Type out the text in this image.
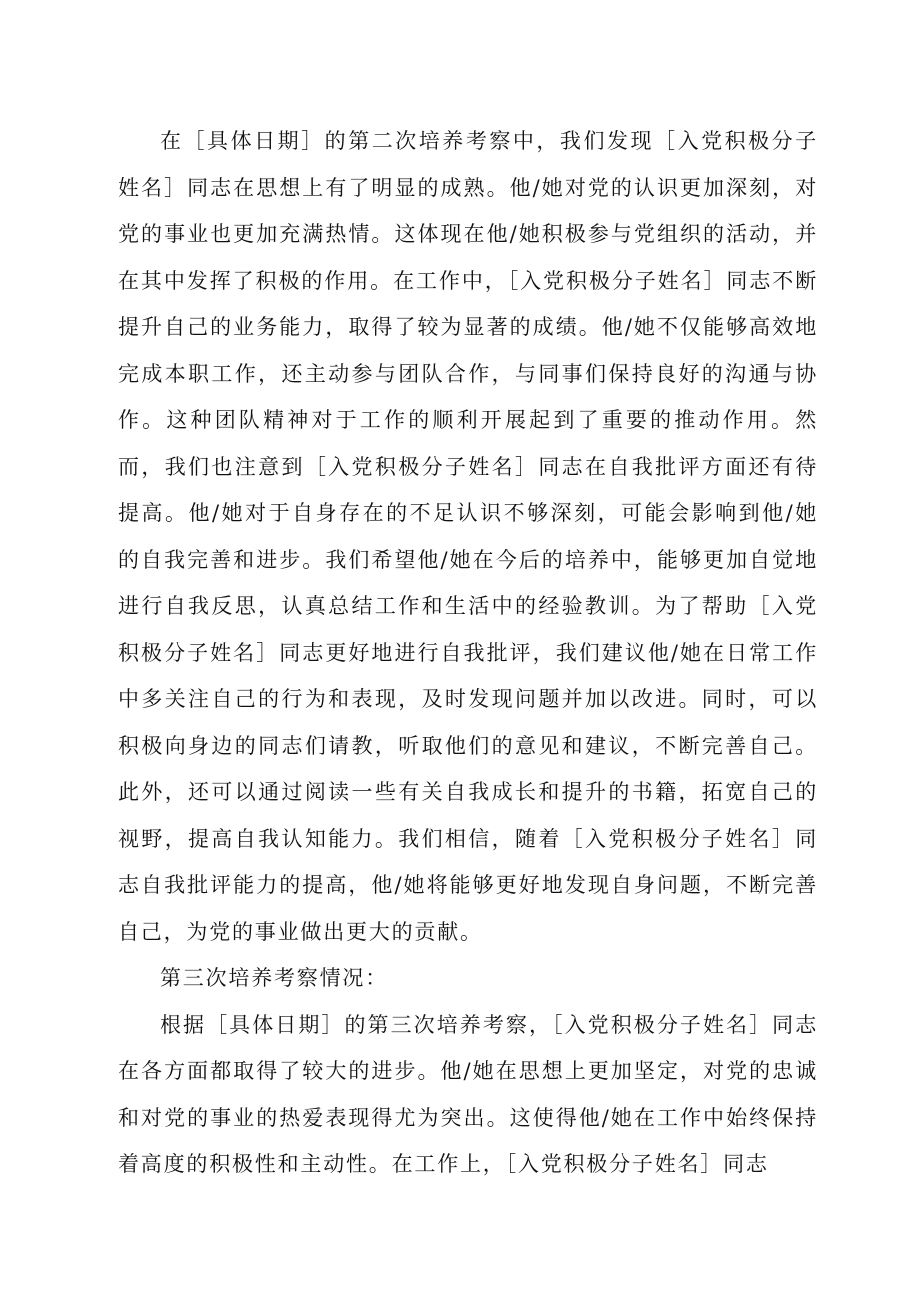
在［具体日期］的第二次培养考察中，我们发现［入党积极分子姓名］同志在思想上有了明显的成熟。他/她对党的认识更加深刻，对党的事业也更加充满热情。这体现在他/她积极参与党组织的活动，并在其中发挥了积极的作用。在工作中，［入党积极分子姓名］同志不断提升自己的业务能力，取得了较为显著的成绩。他/她不仅能够高效地完成本职工作，还主动参与团队合作，与同事们保持良好的沟通与协作。这种团队精神对于工作的顺利开展起到了重要的推动作用。然而，我们也注意到［入党积极分子姓名］同志在自我批评方面还有待提高。他/她对于自身存在的不足认识不够深刻，可能会影响到他/她的自我完善和进步。我们希望他/她在今后的培养中，能够更加自觉地进行自我反思，认真总结工作和生活中的经验教训。为了帮助［入党积极分子姓名］同志更好地进行自我批评，我们建议他/她在日常工作中多关注自己的行为和表现，及时发现问题并加以改进。同时，可以积极向身边的同志们请教，听取他们的意见和建议，不断完善自己。此外，还可以通过阅读一些有关自我成长和提升的书籍，拓宽自己的视野，提高自我认知能力。我们相信，随着［入党积极分子姓名］同志自我批评能力的提高，他/她将能够更好地发现自身问题，不断完善自己，为党的事业做出更大的贡献。

第三次培养考察情况：

根据［具体日期］的第三次培养考察，［入党积极分子姓名］同志在各方面都取得了较大的进步。他/她在思想上更加坚定，对党的忠诚和对党的事业的热爱表现得尤为突出。这使得他/她在工作中始终保持着高度的积极性和主动性。在工作上，［入党积极分子姓名］同志
